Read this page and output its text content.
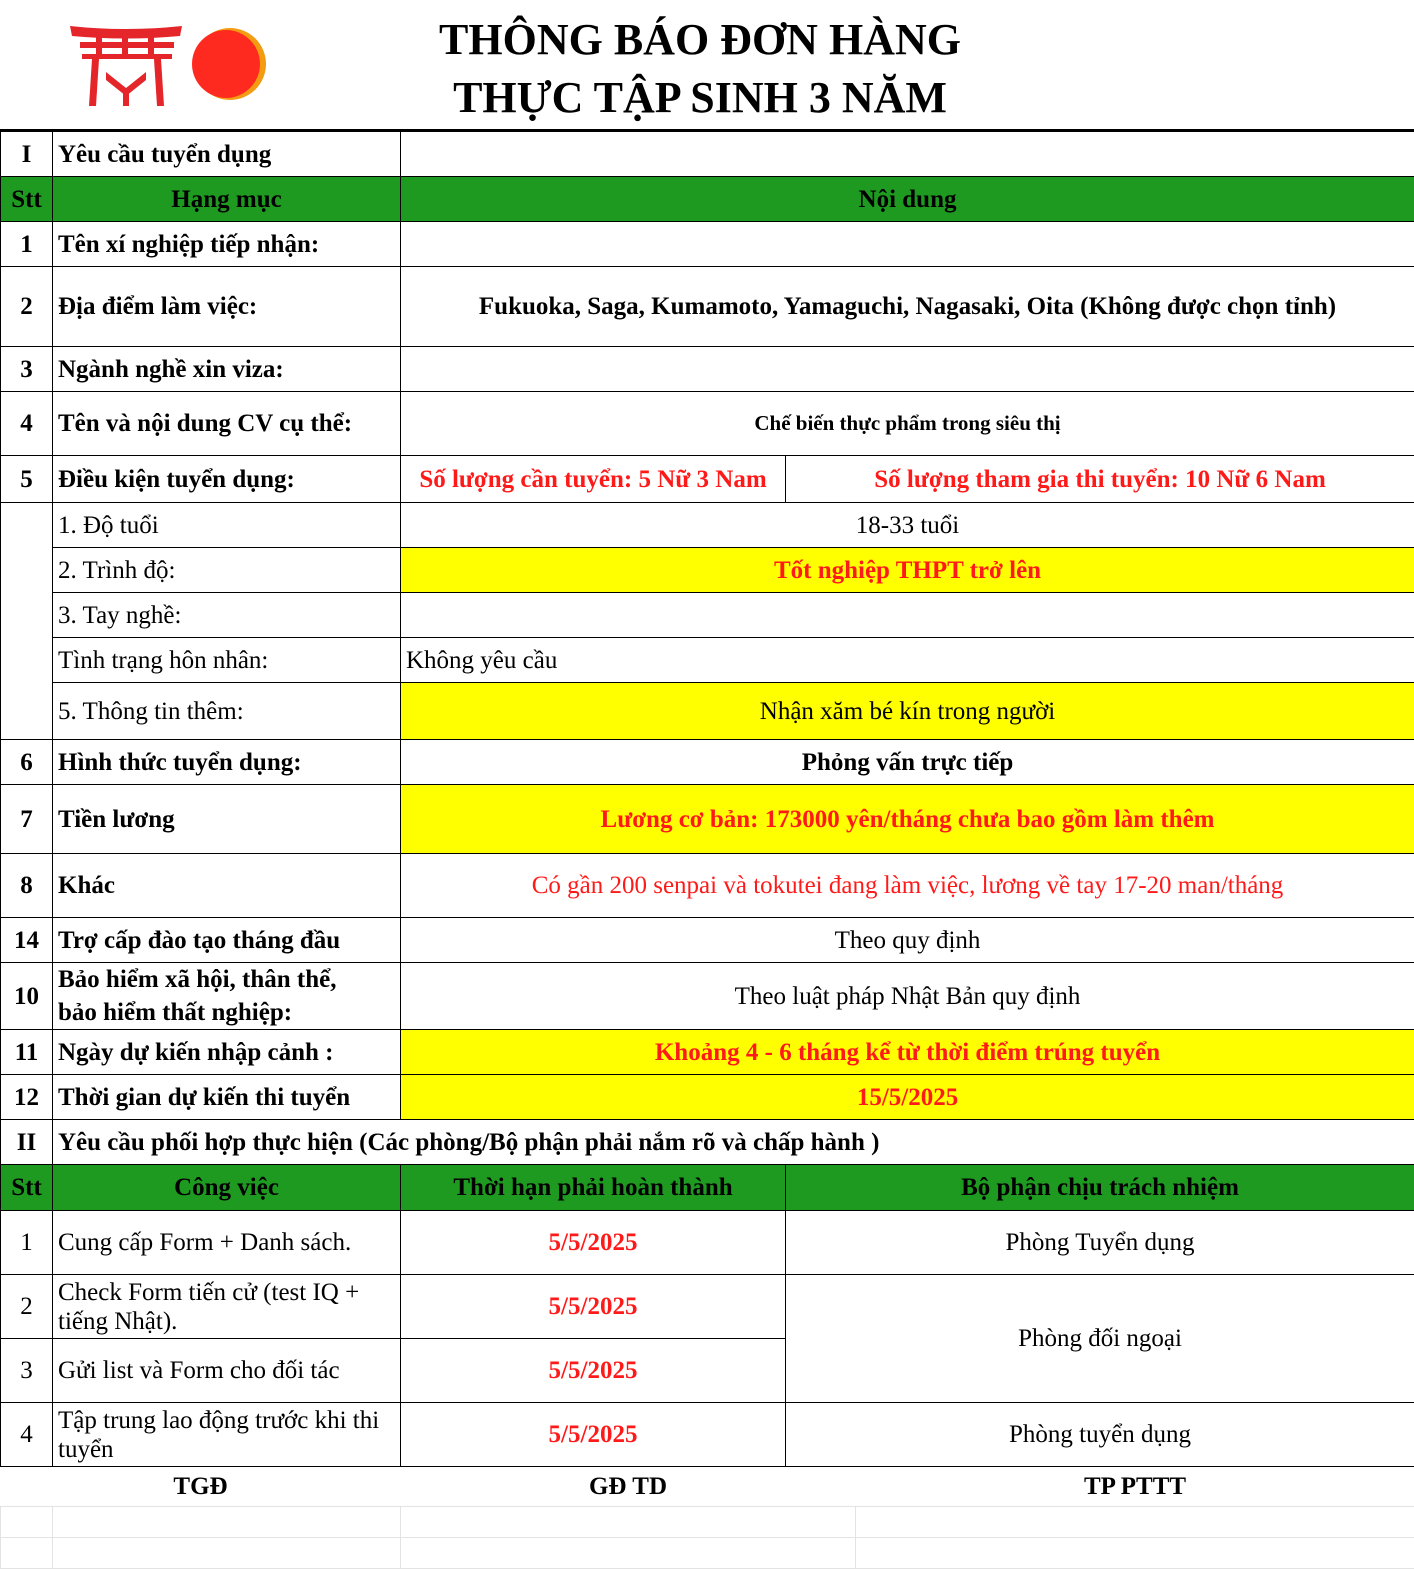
THÔNG BÁO ĐƠN HÀNG
THỰC TẬP SINH 3 NĂM
I	Yêu cầu tuyển dụng			
Stt	Hạng mục	Nội dung		
1	Tên xí nghiệp tiếp nhận:			
2	Địa điểm làm việc:	Fukuoka, Saga, Kumamoto, Yamaguchi, Nagasaki, Oita (Không được chọn tỉnh)		
3	Ngành nghề xin viza:			
4	Tên và nội dung CV cụ thể:	Chế biến thực phẩm trong siêu thị		
5	Điều kiện tuyển dụng:	Số lượng cần tuyển: 5 Nữ 3 Nam	Số lượng tham gia thi tuyển: 10 Nữ 6 Nam	
	1. Độ tuổi	18-33 tuổi		
	2. Trình độ:	Tốt nghiệp THPT trở lên		
	3. Tay nghề:			
	Tình trạng hôn nhân:	Không yêu cầu		
	5. Thông tin thêm:	Nhận xăm bé kín trong người		
6	Hình thức tuyển dụng:	Phỏng vấn trực tiếp		
7	Tiền lương	Lương cơ bản: 173000 yên/tháng chưa bao gồm làm thêm		
8	Khác	Có gần 200 senpai và tokutei đang làm việc, lương về tay 17-20 man/tháng		
14	Trợ cấp đào tạo tháng đầu	Theo quy định		
10	Bảo hiểm xã hội, thân thể,
bảo hiểm thất nghiệp:	Theo luật pháp Nhật Bản quy định		
11	Ngày dự kiến nhập cảnh :	Khoảng 4 - 6 tháng kể từ thời điểm trúng tuyển		
12	Thời gian dự kiến thi tuyển	15/5/2025		
II	Yêu cầu phối hợp thực hiện (Các phòng/Bộ phận phải nắm rõ và chấp hành )			
Stt	Công việc	Thời hạn phải hoàn thành	Bộ phận chịu trách nhiệm	
1	Cung cấp Form + Danh sách.	5/5/2025	Phòng Tuyển dụng	
2	Check Form tiến cử (test IQ + tiếng Nhật).	5/5/2025	Phòng đối ngoại	
3	Gửi list và Form cho đối tác	5/5/2025		
4	Tập trung lao động trước khi thi tuyển	5/5/2025	Phòng tuyển dụng	
TGĐ		GĐ TD		TP PTTT
